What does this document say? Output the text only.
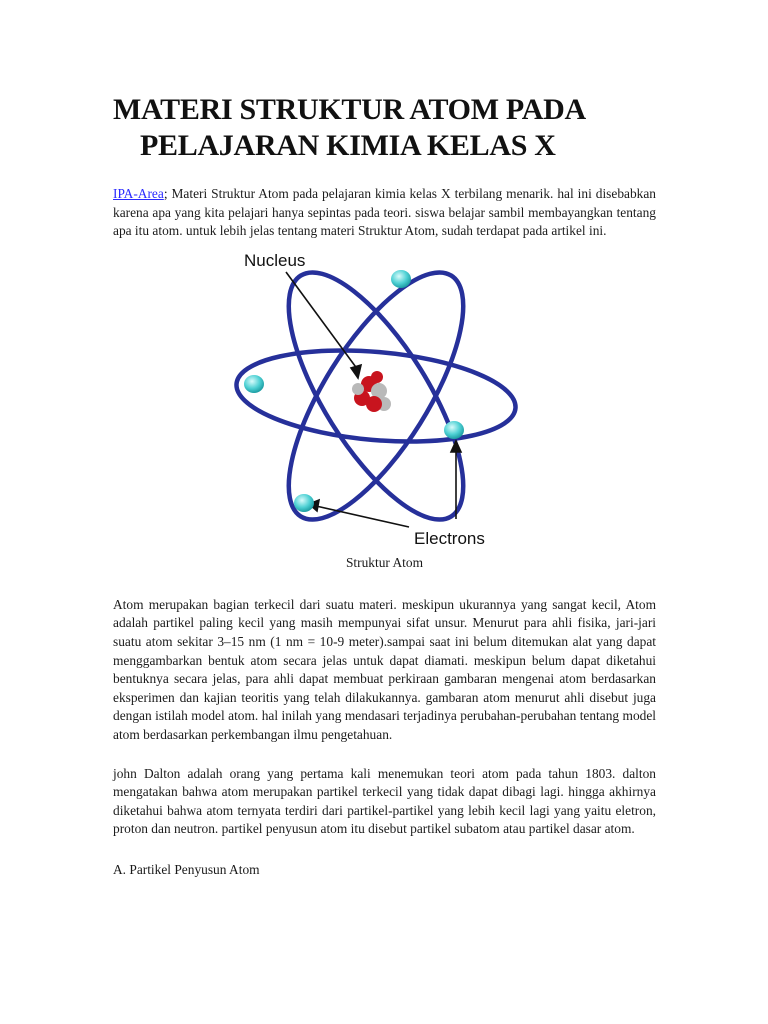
MATERI STRUKTUR ATOM PADA
PELAJARAN KIMIA KELAS X

IPA-Area; Materi Struktur Atom pada pelajaran kimia kelas X terbilang menarik. hal ini disebabkan karena apa yang kita pelajari hanya sepintas pada teori. siswa belajar sambil membayangkan tentang apa itu atom. untuk lebih jelas tentang materi Struktur Atom, sudah terdapat pada artikel ini.

Nucleus
Electrons

Struktur Atom

Atom merupakan bagian terkecil dari suatu materi. meskipun ukurannya yang sangat kecil, Atom adalah partikel paling kecil yang masih mempunyai sifat unsur. Menurut para ahli fisika, jari-jari suatu atom sekitar 3–15 nm (1 nm = 10-9 meter).sampai saat ini belum ditemukan alat yang dapat menggambarkan bentuk atom secara jelas untuk dapat diamati. meskipun belum dapat diketahui bentuknya secara jelas, para ahli dapat membuat perkiraan gambaran mengenai atom berdasarkan eksperimen dan kajian teoritis yang telah dilakukannya. gambaran atom menurut ahli disebut juga dengan istilah model atom. hal inilah yang mendasari terjadinya perubahan-perubahan tentang model atom berdasarkan perkembangan ilmu pengetahuan.

john Dalton adalah orang yang pertama kali menemukan teori atom pada tahun 1803. dalton mengatakan bahwa atom merupakan partikel terkecil yang tidak dapat dibagi lagi. hingga akhirnya diketahui bahwa atom ternyata terdiri dari partikel-partikel yang lebih kecil lagi yang yaitu eletron, proton dan neutron. partikel penyusun atom itu disebut partikel subatom atau partikel dasar atom.

A. Partikel Penyusun Atom
